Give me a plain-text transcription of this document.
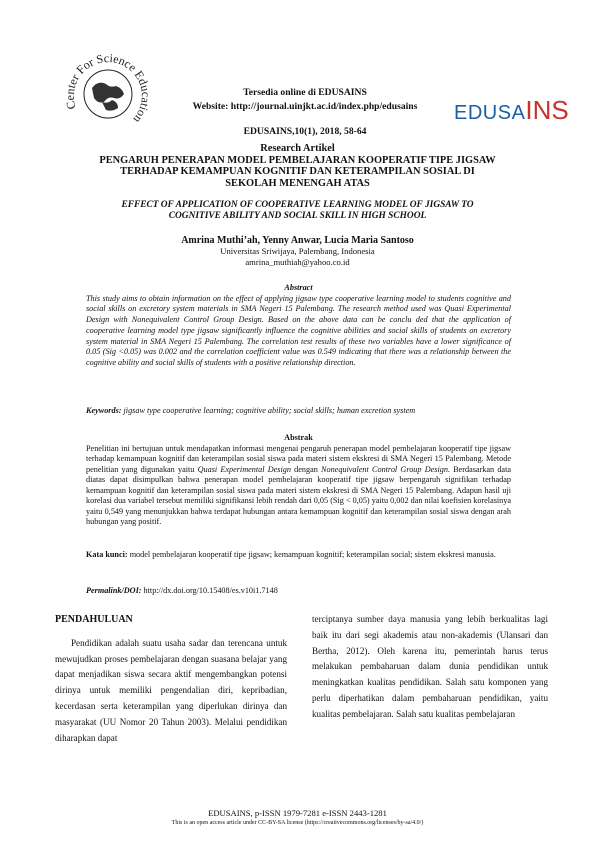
Center For Science Education
Tersedia online di EDUSAINS
Website: http://journal.uinjkt.ac.id/index.php/edusains
EDUSAINS,10(1), 2018, 58-64
EDUSAINS
Research Artikel
PENGARUH PENERAPAN MODEL PEMBELAJARAN KOOPERATIF TIPE JIGSAW
TERHADAP KEMAMPUAN KOGNITIF DAN KETERAMPILAN SOSIAL DI
SEKOLAH MENENGAH ATAS
EFFECT OF APPLICATION OF COOPERATIVE LEARNING MODEL OF JIGSAW TO
COGNITIVE ABILITY AND SOCIAL SKILL IN HIGH SCHOOL
Amrina Muthi’ah, Yenny Anwar, Lucia Maria Santoso
Universitas Sriwijaya, Palembang, Indonesia
amrina_muthiah@yahoo.co.id
Abstract

This study aims to obtain information on the effect of applying jigsaw type cooperative learning model to students cognitive and social skills on excretory system materials in SMA Negeri 15 Palembang. The research method used was Quasi Experimental Design with Nonequivalent Control Group Design. Based on the above data can be conclu ded that the application of cooperative learning model type jigsaw significantly influence the cognitive abilities and social skills of students on excretory system material in SMA Negeri 15 Palembang. The correlation test results of these two variables have a lower significance of 0.05 (Sig <0.05) was 0.002 and the correlation coefficient value was 0.549 indicating that there was a relationship between the cognitive ability and social skills of students with a positive relationship direction.

Keywords: jigsaw type cooperative learning; cognitive ability; social skills; human excretion system
Abstrak

Penelitian ini bertujuan untuk mendapatkan informasi mengenai pengaruh penerapan model pembelajaran kooperatif tipe jigsaw terhadap kemampuan kognitif dan keterampilan sosial siswa pada materi sistem ekskresi di SMA Negeri 15 Palembang. Metode penelitian yang digunakan yaitu Quasi Experimental Design dengan Nonequivalent Control Group Design. Berdasarkan data diatas dapat disimpulkan bahwa penerapan model pembelajaran kooperatif tipe jigsaw berpengaruh signifikan terhadap kemampuan kognitif dan keterampilan sosial siswa pada materi sistem ekskresi di SMA Negeri 15 Palembang. Adapun hasil uji korelasi dua variabel tersebut memiliki signifikansi lebih rendah dari 0,05 (Sig < 0,05) yaitu 0,002 dan nilai koefisien korelasinya yaitu 0,549 yang menunjukkan bahwa terdapat hubungan antara kemampuan kognitif dan keterampilan sosial siswa dengan arah hubungan yang positif.

Kata kunci: model pembelajaran kooperatif tipe jigsaw; kemampuan kognitif; keterampilan social; sistem ekskresi manusia.
Permalink/DOI: http://dx.doi.org/10.15408/es.v10i1.7148
PENDAHULUAN

Pendidikan adalah suatu usaha sadar dan terencana untuk mewujudkan proses pembelajaran dengan suasana belajar yang dapat menjadikan siswa secara aktif mengembangkan potensi dirinya untuk memiliki pengendalian diri, kepribadian, kecerdasan serta keterampilan yang diperlukan dirinya dan masyarakat (UU Nomor 20 Tahun 2003). Melalui pendidikan diharapkan dapat

terciptanya sumber daya manusia yang lebih berkualitas lagi baik itu dari segi akademis atau non-akademis (Ulansari dan Bertha, 2012). Oleh karena itu, pemerintah harus terus melakukan pembaharuan dalam dunia pendidikan untuk meningkatkan kualitas pendidikan. Salah satu komponen yang perlu diperhatikan dalam pembaharuan pendidikan, yaitu kualitas pembelajaran. Salah satu kualitas pembelajaran

EDUSAINS, p-ISSN 1979-7281 e-ISSN 2443-1281
This is an open access article under CC-BY-SA license (https://creativecommons.org/licenses/by-sa/4.0/)
